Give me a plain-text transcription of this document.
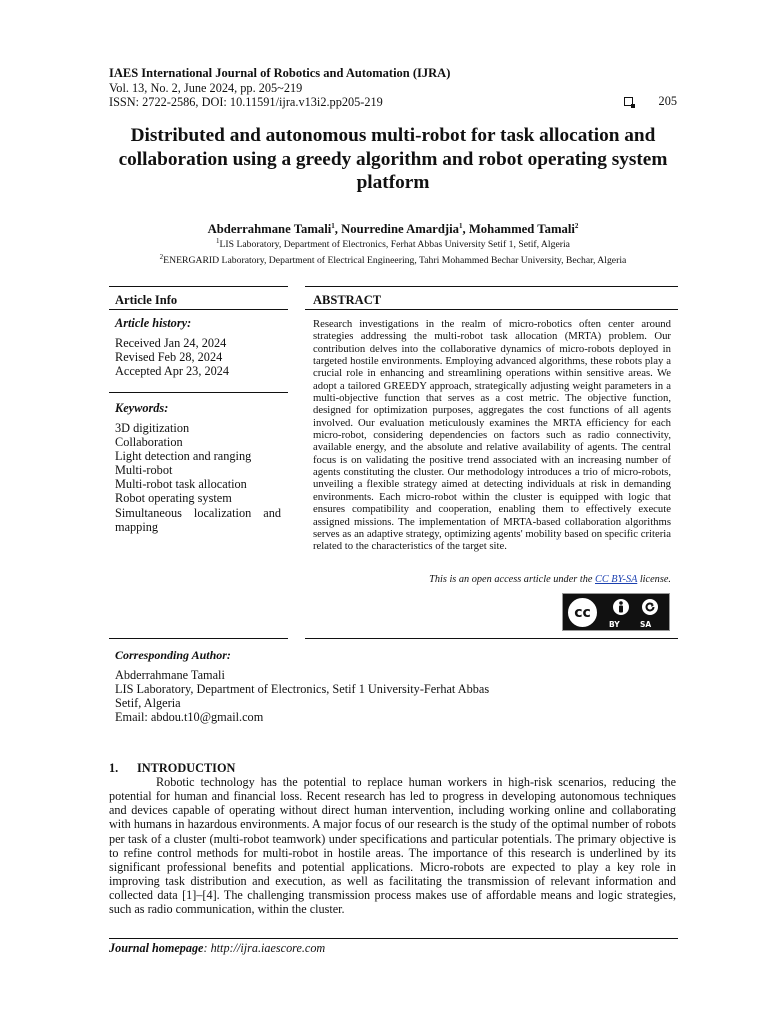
IAES International Journal of Robotics and Automation (IJRA)
Vol. 13, No. 2, June 2024, pp. 205~219
ISSN: 2722-2586, DOI: 10.11591/ijra.v13i2.pp205-219	205
Distributed and autonomous multi-robot for task allocation and collaboration using a greedy algorithm and robot operating system platform
Abderrahmane Tamali$^1$, Nourredine Amardjia$^1$, Mohammed Tamali$^2$
$^1$LIS Laboratory, Department of Electronics, Ferhat Abbas University Setif 1, Setif, Algeria
$^2$ENERGARID Laboratory, Department of Electrical Engineering, Tahri Mohammed Bechar University, Bechar, Algeria
Article Info
Article history:
Received Jan 24, 2024
Revised Feb 28, 2024
Accepted Apr 23, 2024
Keywords:
3D digitization
Collaboration
Light detection and ranging
Multi-robot
Multi-robot task allocation
Robot operating system
Simultaneous localization and mapping
ABSTRACT
Research investigations in the realm of micro-robotics often center around strategies addressing the multi-robot task allocation (MRTA) problem. Our contribution delves into the collaborative dynamics of micro-robots deployed in targeted hostile environments. Employing advanced algorithms, these robots play a crucial role in enhancing and streamlining operations within sensitive areas. We adopt a tailored GREEDY approach, strategically adjusting weight parameters in a multi-objective function that serves as a cost metric. The objective function, designed for optimization purposes, aggregates the cost functions of all agents involved. Our evaluation meticulously examines the MRTA efficiency for each micro-robot, considering dependencies on factors such as radio connectivity, available energy, and the absolute and relative availability of agents. The central focus is on validating the positive trend associated with an increasing number of agents constituting the cluster. Our methodology introduces a trio of micro-robots, unveiling a flexible strategy aimed at detecting individuals at risk in demanding environments. Each micro-robot within the cluster is equipped with logic that ensures compatibility and cooperation, enabling them to effectively execute assigned missions. The implementation of MRTA-based collaboration algorithms serves as an adaptive strategy, optimizing agents' mobility based on specific criteria related to the characteristics of the target site.
This is an open access article under the CC BY-SA license.
cc
BY	SA
Corresponding Author:
Abderrahmane Tamali
LIS Laboratory, Department of Electronics, Setif 1 University-Ferhat Abbas
Setif, Algeria
Email: abdou.t10@gmail.com
1. INTRODUCTION
Robotic technology has the potential to replace human workers in high-risk scenarios, reducing the potential for human and financial loss. Recent research has led to progress in developing autonomous techniques and devices capable of operating without direct human intervention, including working online and collaborating with humans in hazardous environments. A major focus of our research is the study of the optimal number of robots per task of a cluster (multi-robot teamwork) under specifications and particular potentials. The primary objective is to refine control methods for multi-robot in hostile areas. The importance of this research is underlined by its significant professional benefits and potential applications. Micro-robots are expected to play a key role in improving task distribution and execution, as well as facilitating the transmission of relevant information and collected data [1]–[4]. The challenging transmission process makes use of affordable means and logic strategies, such as radio communication, within the cluster.
Journal homepage: http://ijra.iaescore.com
